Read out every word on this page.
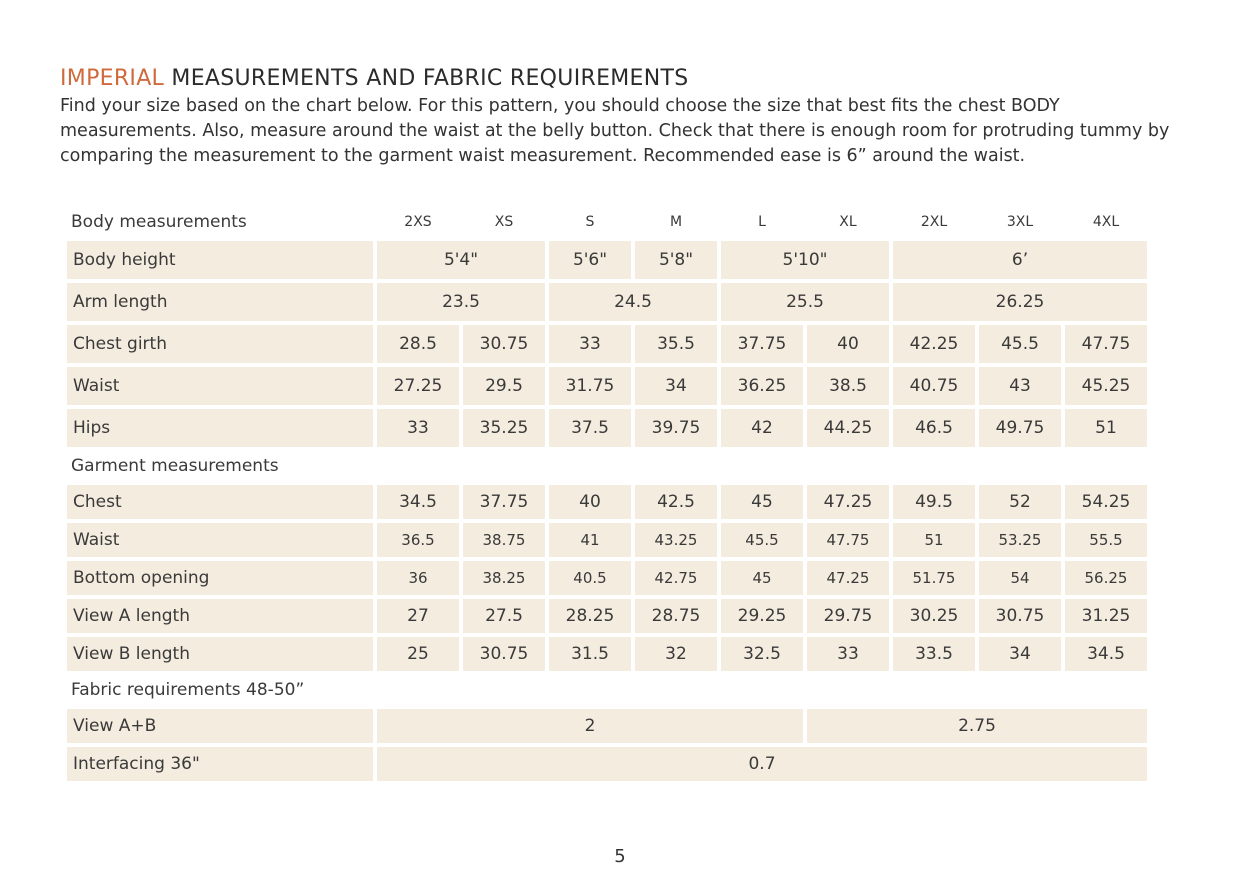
IMPERIAL MEASUREMENTS AND FABRIC REQUIREMENTS

Find your size based on the chart below. For this pattern, you should choose the size that best fits the chest BODY measurements. Also, measure around the waist at the belly button. Check that there is enough room for protruding tummy by comparing the measurement to the garment waist measurement. Recommended ease is 6” around the waist.

Body measurements	2XS	XS	S	M	L	XL	2XL	3XL	4XL
Body height	5'4"		5'6"	5'8"	5'10"		6’		
Arm length	23.5		24.5		25.5		26.25		
Chest girth	28.5	30.75	33	35.5	37.75	40	42.25	45.5	47.75
Waist	27.25	29.5	31.75	34	36.25	38.5	40.75	43	45.25
Hips	33	35.25	37.5	39.75	42	44.25	46.5	49.75	51
Garment measurements									
Chest	34.5	37.75	40	42.5	45	47.25	49.5	52	54.25
Waist	36.5	38.75	41	43.25	45.5	47.75	51	53.25	55.5
Bottom opening	36	38.25	40.5	42.75	45	47.25	51.75	54	56.25
View A length	27	27.5	28.25	28.75	29.25	29.75	30.25	30.75	31.25
View B length	25	30.75	31.5	32	32.5	33	33.5	34	34.5
Fabric requirements 48-50”									
View A+B	2					2.75			
Interfacing 36"	0.7								
5
